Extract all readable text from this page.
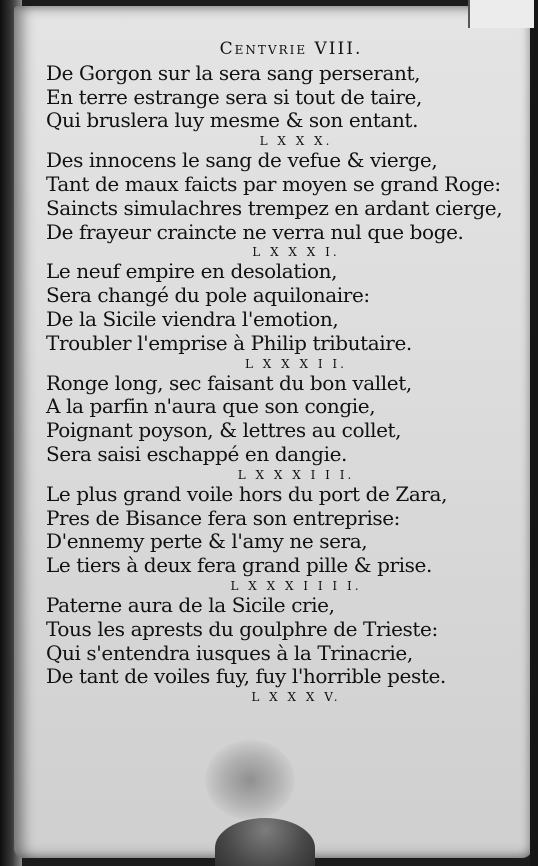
Centvrie VIII.
De Gorgon sur la sera sang perserant,
En terre estrange sera si tout de taire,
Qui bruslera luy mesme & son entant.
L X X X.
Des innocens le sang de vefue & vierge,
Tant de maux faicts par moyen se grand Roge:
Saincts simulachres trempez en ardant cierge,
De frayeur craincte ne verra nul que boge.
L X X X I.
Le neuf empire en desolation,
Sera changé du pole aquilonaire:
De la Sicile viendra l'emotion,
Troubler l'emprise à Philip tributaire.
L X X X I I.
Ronge long, sec faisant du bon vallet,
A la parfin n'aura que son congie,
Poignant poyson, & lettres au collet,
Sera saisi eschappé en dangie.
L X X X I I I.
Le plus grand voile hors du port de Zara,
Pres de Bisance fera son entreprise:
D'ennemy perte & l'amy ne sera,
Le tiers à deux fera grand pille & prise.
L X X X I I I I.
Paterne aura de la Sicile crie,
Tous les aprests du goulphre de Trieste:
Qui s'entendra iusques à la Trinacrie,
De tant de voiles fuy, fuy l'horrible peste.
L X X X V.
